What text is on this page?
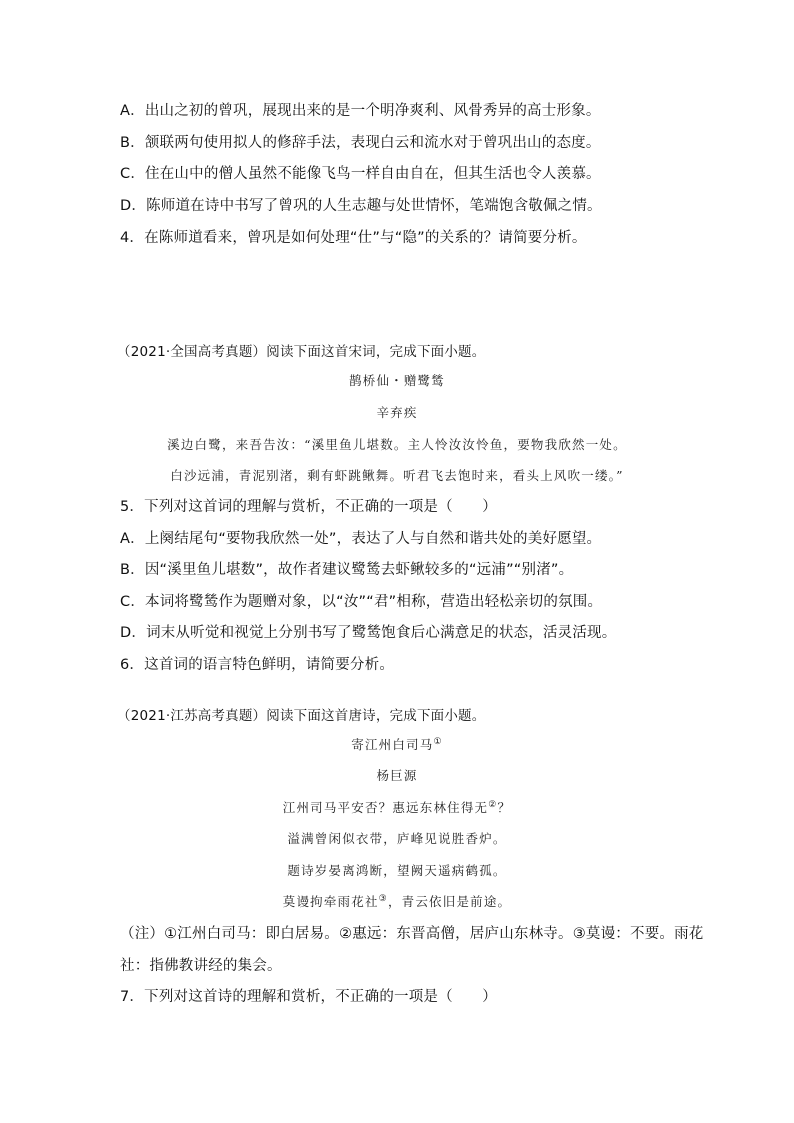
A．出山之初的曾巩，展现出来的是一个明净爽利、风骨秀异的高士形象。
B．颔联两句使用拟人的修辞手法，表现白云和流水对于曾巩出山的态度。
C．住在山中的僧人虽然不能像飞鸟一样自由自在，但其生活也令人羡慕。
D．陈师道在诗中书写了曾巩的人生志趣与处世情怀，笔端饱含敬佩之情。
4．在陈师道看来，曾巩是如何处理“仕”与“隐”的关系的？请简要分析。
（2021·全国高考真题）阅读下面这首宋词，完成下面小题。
鹊桥仙・赠鹭鸶
辛弃疾
溪边白鹭，来吾告汝：“溪里鱼儿堪数。主人怜汝汝怜鱼，要物我欣然一处。
白沙远浦，青泥别渚，剩有虾跳鳅舞。听君飞去饱时来，看头上风吹一缕。”
5．下列对这首词的理解与赏析，不正确的一项是（　　）
A．上阕结尾句“要物我欣然一处”，表达了人与自然和谐共处的美好愿望。
B．因“溪里鱼儿堪数”，故作者建议鹭鸶去虾鳅较多的“远浦”“别渚”。
C．本词将鹭鸶作为题赠对象，以“汝”“君”相称，营造出轻松亲切的氛围。
D．词末从听觉和视觉上分别书写了鹭鸶饱食后心满意足的状态，活灵活现。
6．这首词的语言特色鲜明，请简要分析。
（2021·江苏高考真题）阅读下面这首唐诗，完成下面小题。
寄江州白司马①
杨巨源
江州司马平安否？惠远东林住得无②？
溢满曾闲似衣带，庐峰见说胜香炉。
题诗岁晏离鸿断，望阙天遥病鹤孤。
莫谩拘牵雨花社③，青云依旧是前途。
（注）①江州白司马：即白居易。②惠远：东晋高僧，居庐山东林寺。③莫谩：不要。雨花
社：指佛教讲经的集会。
7．下列对这首诗的理解和赏析，不正确的一项是（　　）
